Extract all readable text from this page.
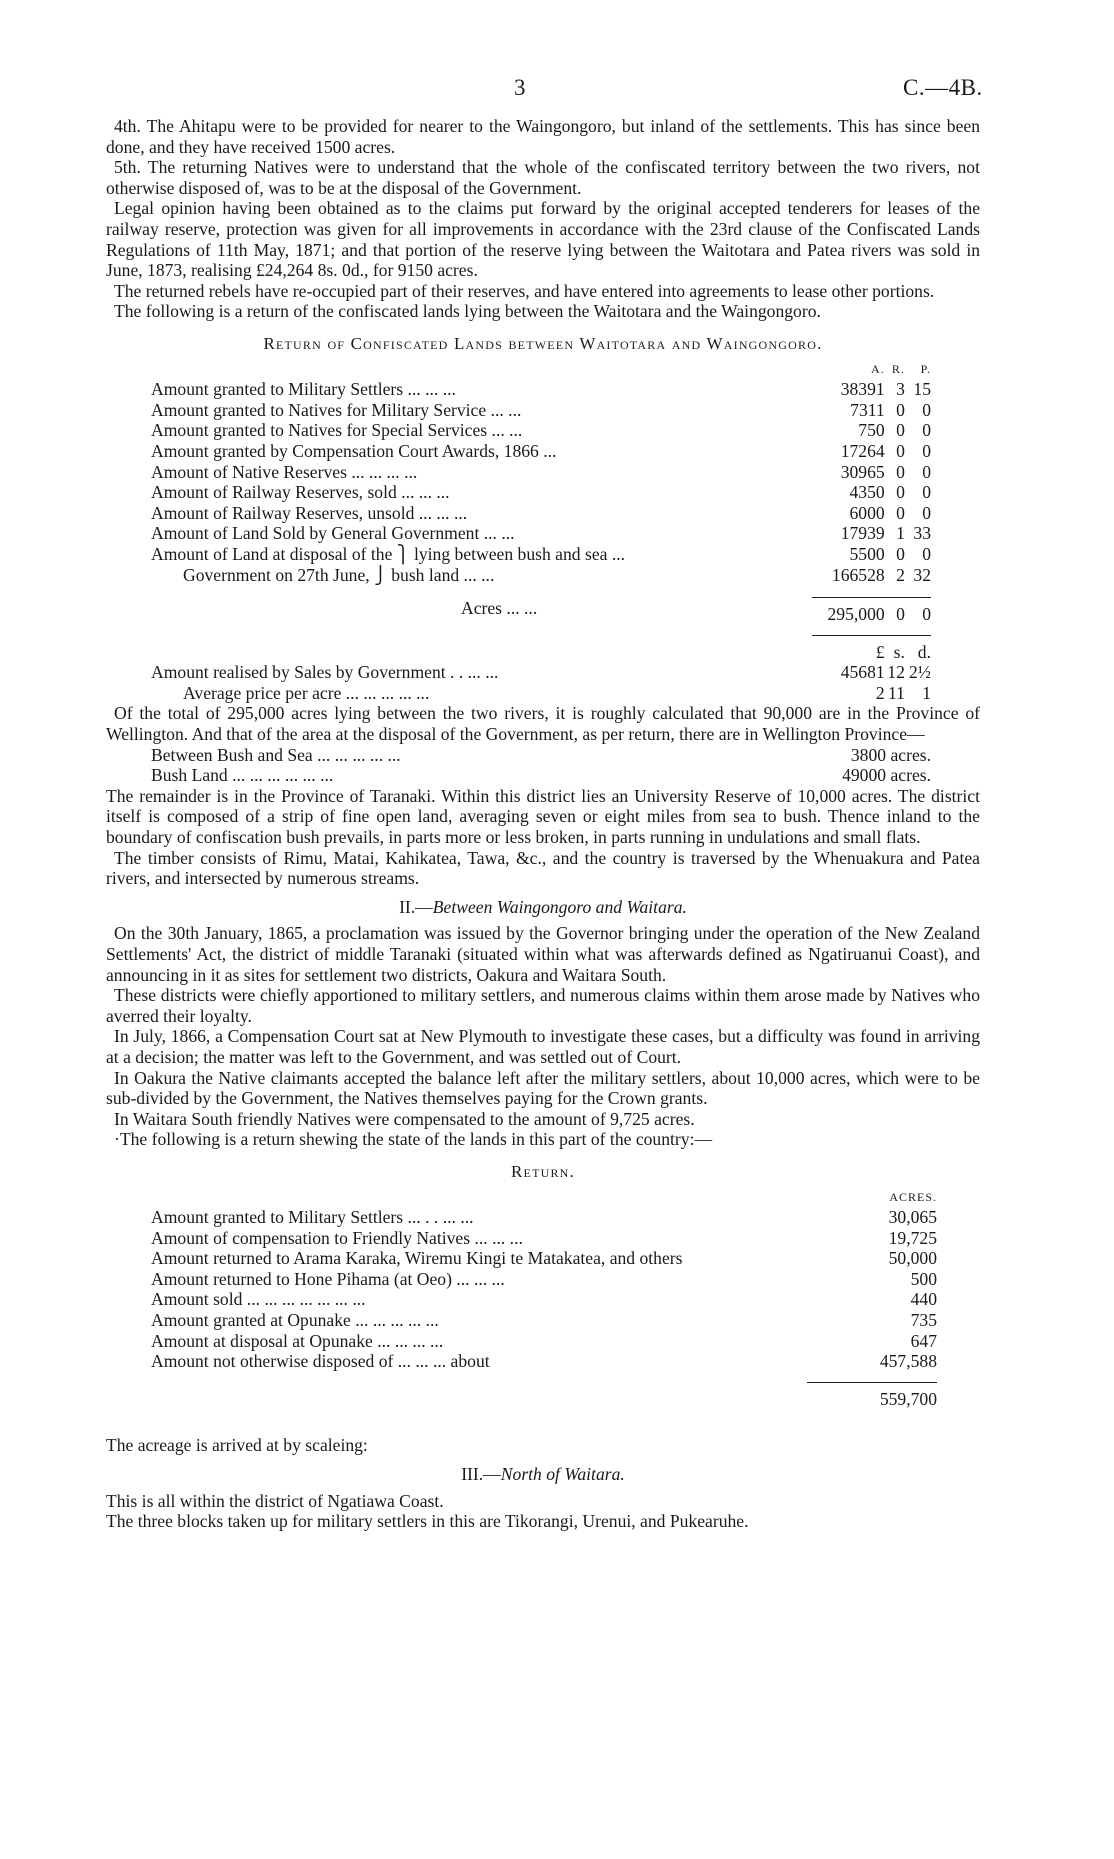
3	C.—4B.

4th. The Ahitapu were to be provided for nearer to the Waingongoro, but inland of the settlements. This has since been done, and they have received 1500 acres.

5th. The returning Natives were to understand that the whole of the confiscated territory between the two rivers, not otherwise disposed of, was to be at the disposal of the Government.

Legal opinion having been obtained as to the claims put forward by the original accepted tenderers for leases of the railway reserve, protection was given for all improvements in accordance with the 23rd clause of the Confiscated Lands Regulations of 11th May, 1871; and that portion of the reserve lying between the Waitotara and Patea rivers was sold in June, 1873, realising £24,264 8s. 0d., for 9150 acres.

The returned rebels have re-occupied part of their reserves, and have entered into agreements to lease other portions.

The following is a return of the confiscated lands lying between the Waitotara and the Waingongoro.

Return of Confiscated Lands between Waitotara and Waingongoro.
	A.	R.	P.
Amount granted to Military Settlers ... ... ...	38391	3	15
Amount granted to Natives for Military Service ... ...	7311	0	0
Amount granted to Natives for Special Services ... ...	750	0	0
Amount granted by Compensation Court Awards, 1866 ...	17264	0	0
Amount of Native Reserves ... ... ... ...	30965	0	0
Amount of Railway Reserves, sold ... ... ...	4350	0	0
Amount of Railway Reserves, unsold ... ... ...	6000	0	0
Amount of Land Sold by General Government ... ...	17939	1	33
Amount of Land at disposal of the ⎫ lying between bush and sea ...	5500	0	0
Government on 27th June, ⎭ bush land ... ...	166528	2	32

Acres ... ...	295,000	0	0

	£	s.	d.
Amount realised by Sales by Government . . ... ...	45681	12	2½
Average price per acre ... ... ... ... ...	2	11	1

Of the total of 295,000 acres lying between the two rivers, it is roughly calculated that 90,000 are in the Province of Wellington. And that of the area at the disposal of the Government, as per return, there are in Wellington Province—

Between Bush and Sea ... ... ... ... ...	3800 acres.
Bush Land ... ... ... ... ... ...	49000 acres.

The remainder is in the Province of Taranaki. Within this district lies an University Reserve of 10,000 acres. The district itself is composed of a strip of fine open land, averaging seven or eight miles from sea to bush. Thence inland to the boundary of confiscation bush prevails, in parts more or less broken, in parts running in undulations and small flats.

The timber consists of Rimu, Matai, Kahikatea, Tawa, &c., and the country is traversed by the Whenuakura and Patea rivers, and intersected by numerous streams.

II.—Between Waingongoro and Waitara.

On the 30th January, 1865, a proclamation was issued by the Governor bringing under the operation of the New Zealand Settlements' Act, the district of middle Taranaki (situated within what was afterwards defined as Ngatiruanui Coast), and announcing in it as sites for settlement two districts, Oakura and Waitara South.

These districts were chiefly apportioned to military settlers, and numerous claims within them arose made by Natives who averred their loyalty.

In July, 1866, a Compensation Court sat at New Plymouth to investigate these cases, but a difficulty was found in arriving at a decision; the matter was left to the Government, and was settled out of Court.

In Oakura the Native claimants accepted the balance left after the military settlers, about 10,000 acres, which were to be sub-divided by the Government, the Natives themselves paying for the Crown grants.

In Waitara South friendly Natives were compensated to the amount of 9,725 acres.

·The following is a return shewing the state of the lands in this part of the country:—

Return.
	ACRES.
Amount granted to Military Settlers ... . . ... ...	30,065
Amount of compensation to Friendly Natives ... ... ...	19,725
Amount returned to Arama Karaka, Wiremu Kingi te Matakatea, and others	50,000
Amount returned to Hone Pihama (at Oeo) ... ... ...	500
Amount sold ... ... ... ... ... ... ...	440
Amount granted at Opunake ... ... ... ... ...	735
Amount at disposal at Opunake ... ... ... ...	647
Amount not otherwise disposed of ... ... ... about	457,588

	559,700

The acreage is arrived at by scaleing:

III.—North of Waitara.

This is all within the district of Ngatiawa Coast.

The three blocks taken up for military settlers in this are Tikorangi, Urenui, and Pukearuhe.
